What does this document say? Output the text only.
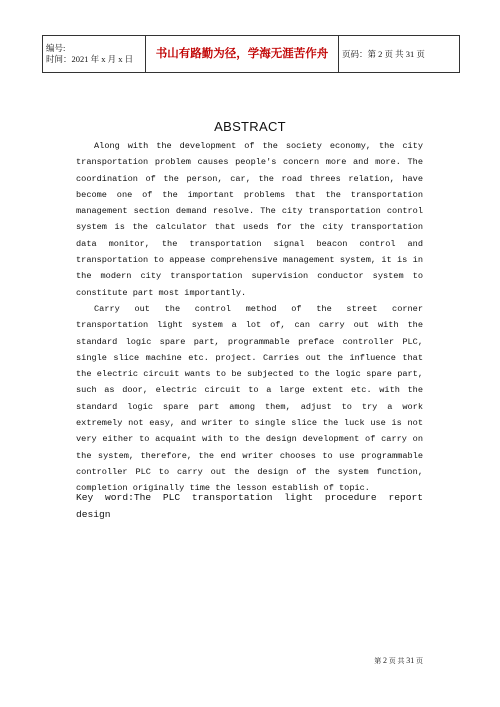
编号:
时间：2021 年 x 月 x 日	书山有路勤为径，学海无涯苦作舟	页码：第 2 页 共 31 页
ABSTRACT

Along with the development of the society economy, the city transportation problem causes people's concern more and more. The coordination of the person, car, the road threes relation, have become one of the important problems that the transportation management section demand resolve. The city transportation control system is the calculator that useds for the city transportation data monitor, the transportation signal beacon control and transportation to appease comprehensive management system, it is in the modern city transportation supervision conductor system to constitute part most importantly.

Carry out the control method of the street corner transportation light system a lot of, can carry out with the standard logic spare part, programmable preface controller PLC, single slice machine etc. project. Carries out the influence that the electric circuit wants to be subjected to the logic spare part, such as door, electric circuit to a large extent etc. with the standard logic spare part among them, adjust to try a work extremely not easy, and writer to single slice the luck use is not very either to acquaint with to the design development of carry on the system, therefore, the end writer chooses to use programmable controller PLC to carry out the design of the system function, completion originally time the lesson establish of topic.

Key word:The PLC transportation light procedure report design
第 2 页 共 31 页
